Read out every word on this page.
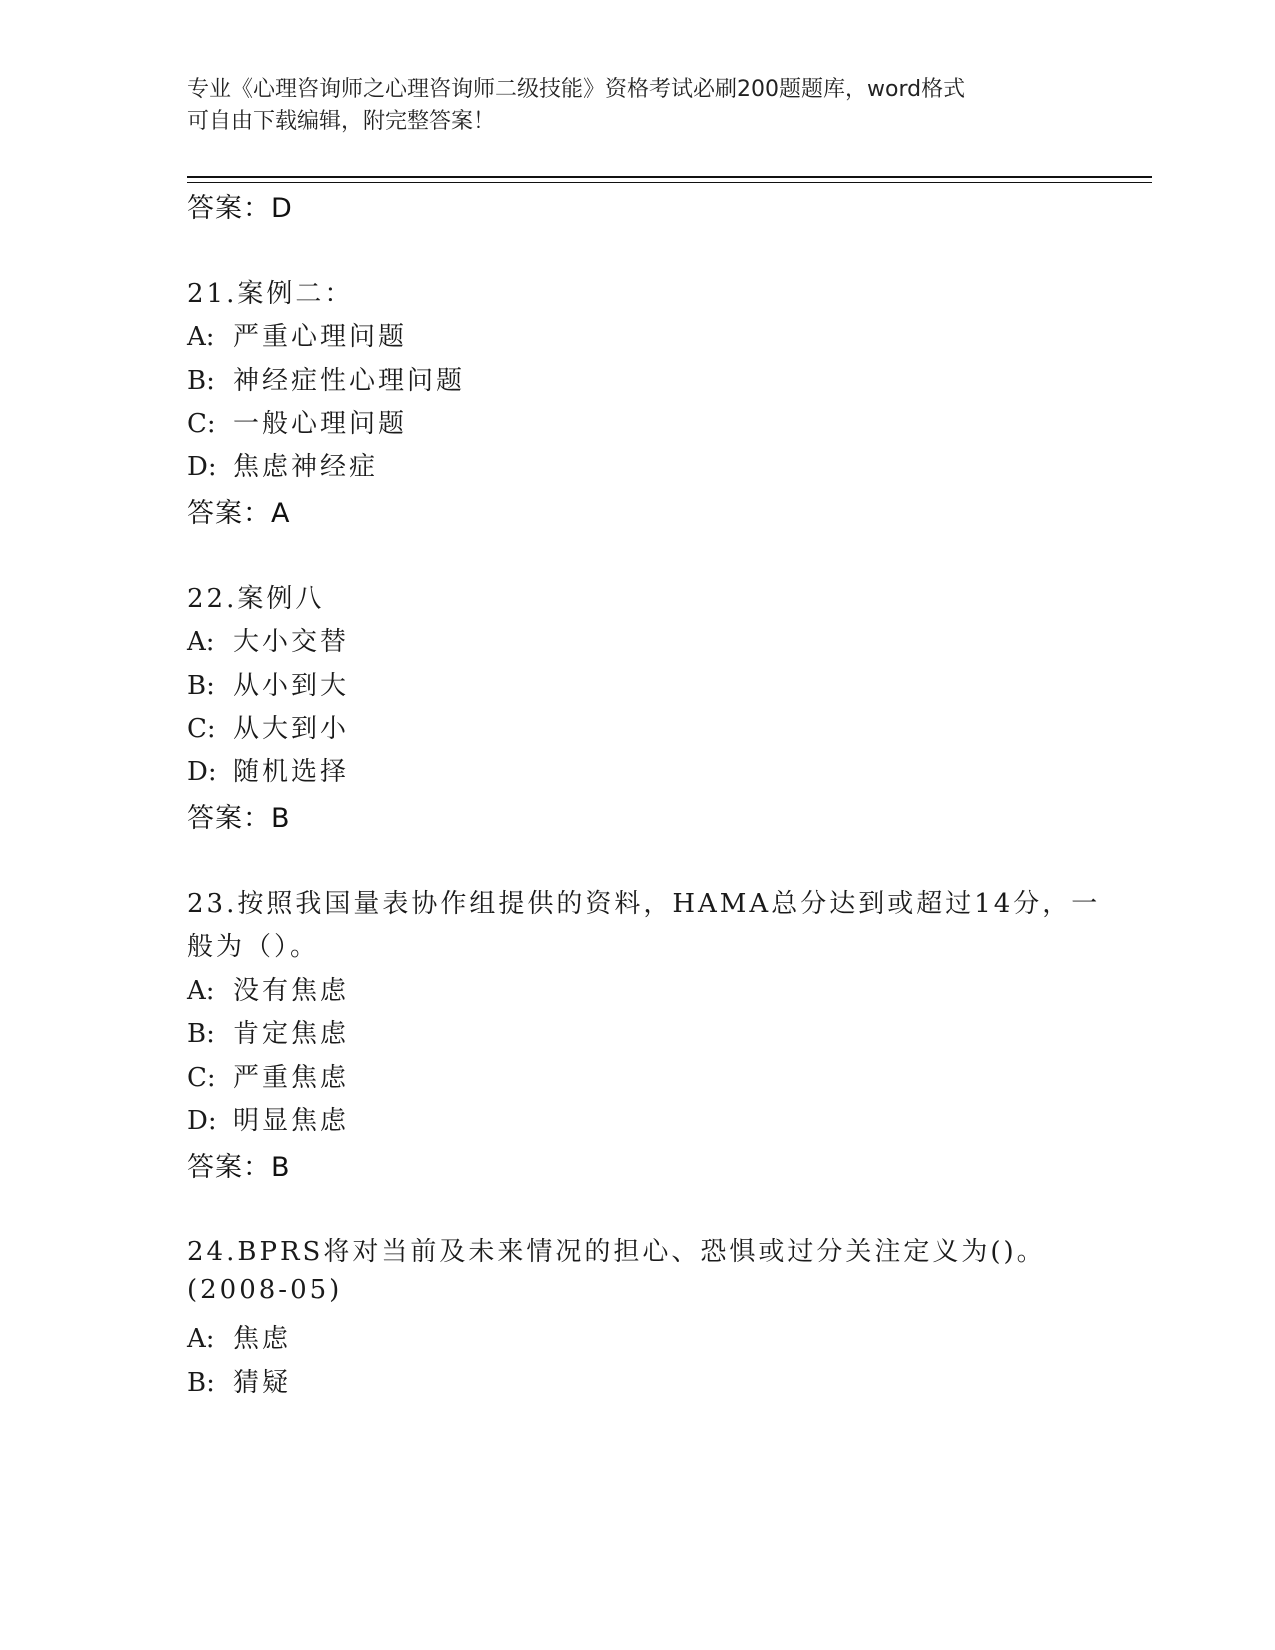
专业《心理咨询师之心理咨询师二级技能》资格考试必刷200题题库，word格式
可自由下载编辑，附完整答案！
答案：D
21.案例二：
A: 严重心理问题
B: 神经症性心理问题
C: 一般心理问题
D: 焦虑神经症
答案：A
22.案例八
A: 大小交替
B: 从小到大
C: 从大到小
D: 随机选择
答案：B
23.按照我国量表协作组提供的资料，HAMA总分达到或超过14分，一
般为（）。
A: 没有焦虑
B: 肯定焦虑
C: 严重焦虑
D: 明显焦虑
答案：B
24.BPRS将对当前及未来情况的担心、恐惧或过分关注定义为()。
(2008-05)
A: 焦虑
B: 猜疑
